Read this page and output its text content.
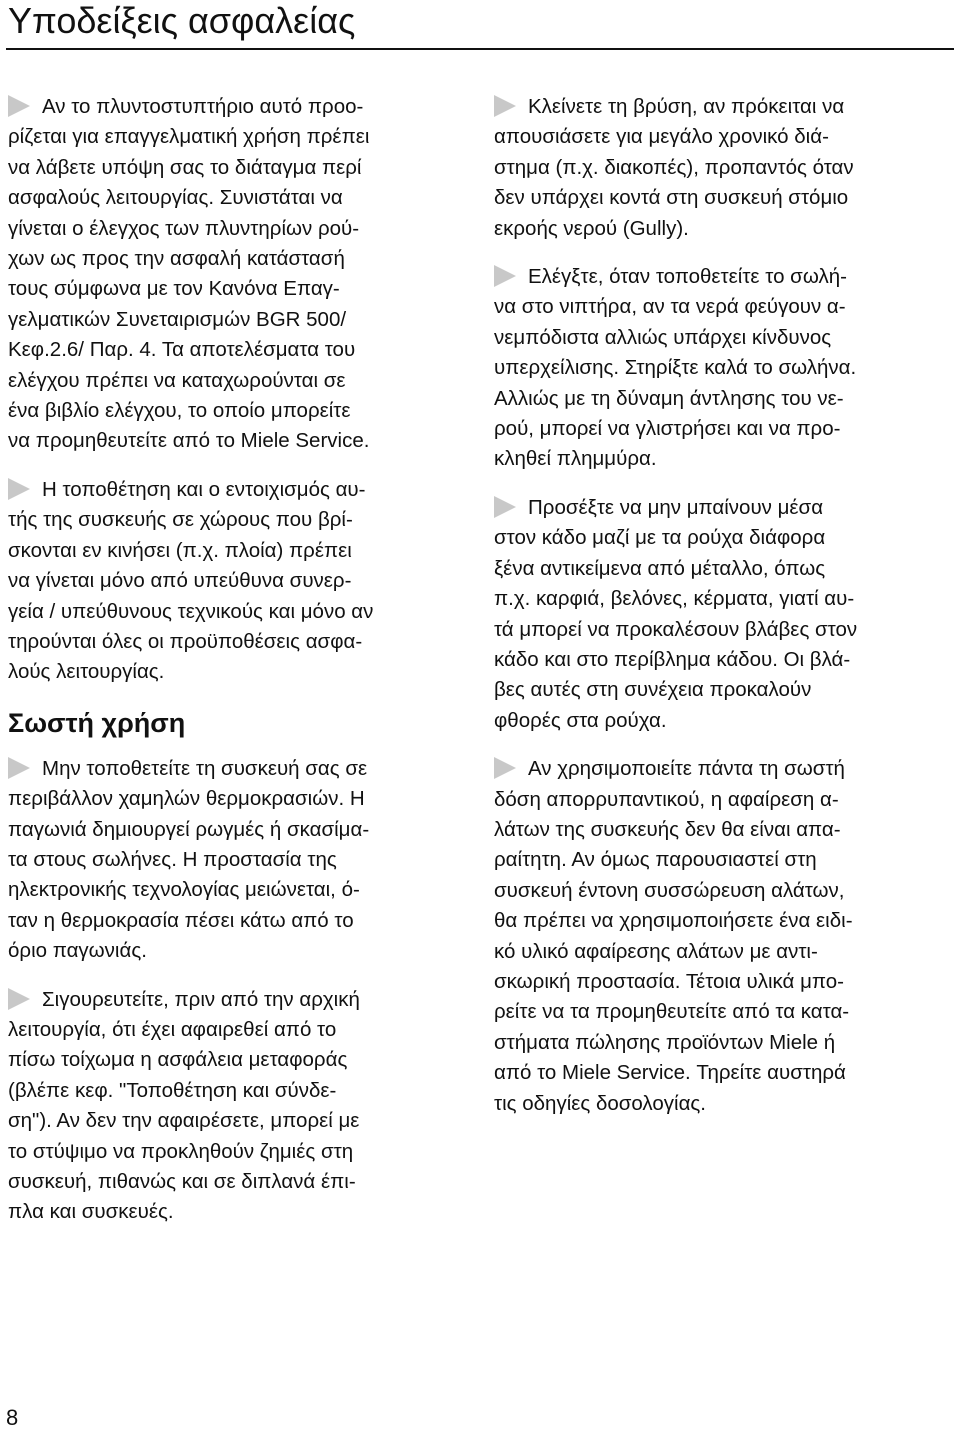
Υποδείξεις ασφαλείας

Αν το πλυντοστυπτήριο αυτό προο-
ρίζεται για επαγγελματική χρήση πρέπει
να λάβετε υπόψη σας το διάταγμα περί
ασφαλούς λειτουργίας. Συνιστάται να
γίνεται ο έλεγχος των πλυντηρίων ρού-
χων ως προς την ασφαλή κατάστασή
τους σύμφωνα με τον Κανόνα Επαγ-
γελματικών Συνεταιρισμών BGR 500/
Κεφ.2.6/ Παρ. 4. Τα αποτελέσματα του
ελέγχου πρέπει να καταχωρούνται σε
ένα βιβλίο ελέγχου, το οποίο μπορείτε
να προμηθευτείτε από το Miele Service.

Η τοποθέτηση και ο εντοιχισμός αυ-
τής της συσκευής σε χώρους που βρί-
σκονται εν κινήσει (π.χ. πλοία) πρέπει
να γίνεται μόνο από υπεύθυνα συνερ-
γεία / υπεύθυνους τεχνικούς και μόνο αν
τηρούνται όλες οι προϋποθέσεις ασφα-
λούς λειτουργίας.

Σωστή χρήση

Μην τοποθετείτε τη συσκευή σας σε
περιβάλλον χαμηλών θερμοκρασιών. Η
παγωνιά δημιουργεί ρωγμές ή σκασίμα-
τα στους σωλήνες. Η προστασία της
ηλεκτρονικής τεχνολογίας μειώνεται, ό-
ταν η θερμοκρασία πέσει κάτω από το
όριο παγωνιάς.

Σιγουρευτείτε, πριν από την αρχική
λειτουργία, ότι έχει αφαιρεθεί από το
πίσω τοίχωμα η ασφάλεια μεταφοράς
(βλέπε κεφ. "Τοποθέτηση και σύνδε-
ση"). Αν δεν την αφαιρέσετε, μπορεί με
το στύψιμο να προκληθούν ζημιές στη
συσκευή, πιθανώς και σε διπλανά έπι-
πλα και συσκευές.

Κλείνετε τη βρύση, αν πρόκειται να
απουσιάσετε για μεγάλο χρονικό διά-
στημα (π.χ. διακοπές), προπαντός όταν
δεν υπάρχει κοντά στη συσκευή στόμιο
εκροής νερού (Gully).

Ελέγξτε, όταν τοποθετείτε το σωλή-
να στο νιπτήρα, αν τα νερά φεύγουν α-
νεμπόδιστα αλλιώς υπάρχει κίνδυνος
υπερχείλισης. Στηρίξτε καλά το σωλήνα.
Αλλιώς με τη δύναμη άντλησης του νε-
ρού, μπορεί να γλιστρήσει και να προ-
κληθεί πλημμύρα.

Προσέξτε να μην μπαίνουν μέσα
στον κάδο μαζί με τα ρούχα διάφορα
ξένα αντικείμενα από μέταλλο, όπως
π.χ. καρφιά, βελόνες, κέρματα, γιατί αυ-
τά μπορεί να προκαλέσουν βλάβες στον
κάδο και στο περίβλημα κάδου. Οι βλά-
βες αυτές στη συνέχεια προκαλούν
φθορές στα ρούχα.

Αν χρησιμοποιείτε πάντα τη σωστή
δόση απορρυπαντικού, η αφαίρεση α-
λάτων της συσκευής δεν θα είναι απα-
ραίτητη. Αν όμως παρουσιαστεί στη
συσκευή έντονη συσσώρευση αλάτων,
θα πρέπει να χρησιμοποιήσετε ένα ειδι-
κό υλικό αφαίρεσης αλάτων με αντι-
σκωρική προστασία. Τέτοια υλικά μπο-
ρείτε να τα προμηθευτείτε από τα κατα-
στήματα πώλησης προϊόντων Miele ή
από το Miele Service. Τηρείτε αυστηρά
τις οδηγίες δοσολογίας.

8
